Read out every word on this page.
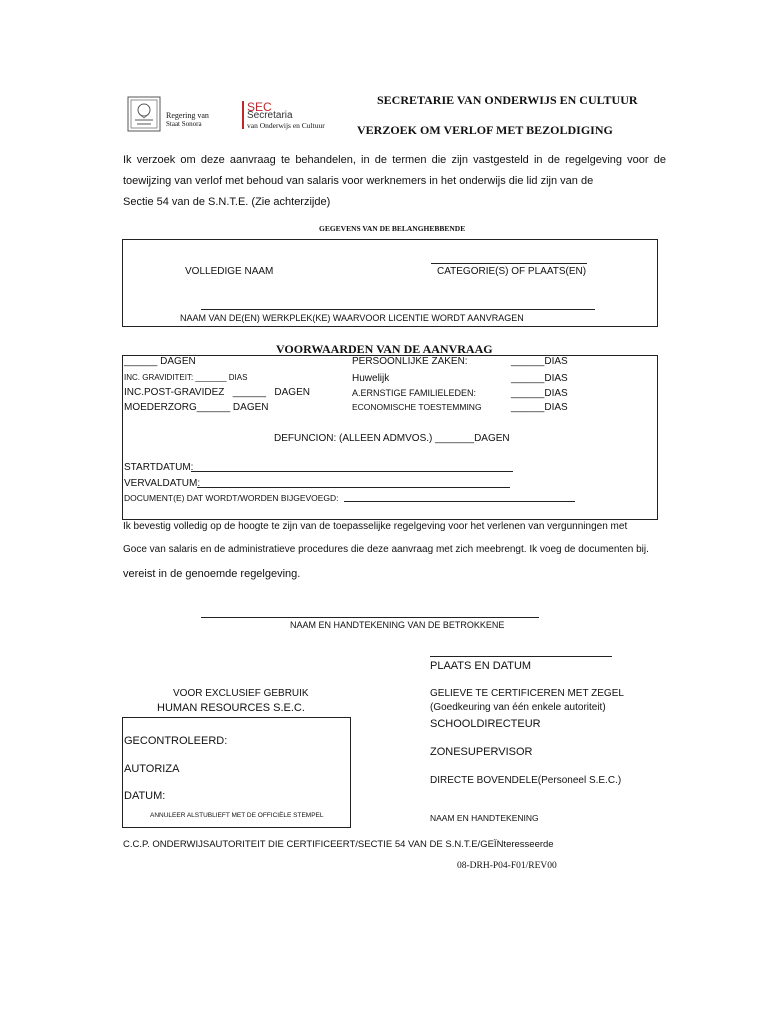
Regering van
Staat Sonora
SEC
Secretaria
van Onderwijs en Cultuur
SECRETARIE VAN ONDERWIJS EN CULTUUR
VERZOEK OM VERLOF MET BEZOLDIGING
Ik verzoek om deze aanvraag te behandelen, in de termen die zijn vastgesteld in de regelgeving voor de
toewijzing van verlof met behoud van salaris voor werknemers in het onderwijs die lid zijn van de
Sectie 54 van de S.N.T.E. (Zie achterzijde)
GEGEVENS VAN DE BELANGHEBBENDE
VOLLEDIGE NAAM	CATEGORIE(S) OF PLAATS(EN)
NAAM VAN DE(EN) WERKPLEK(KE) WAARVOOR LICENTIE WORDT AANVRAGEN
VOORWAARDEN VAN DE AANVRAAG
______ DAGEN	PERSOONLIJKE ZAKEN:	______DIAS
INC. GRAVIDITEIT: _______ DIAS	Huwelijk	______DIAS
INC.POST-GRAVIDEZ   ______   DAGEN	A.ERNSTIGE FAMILIELEDEN:	______DIAS
MOEDERZORG______ DAGEN	ECONOMISCHE TOESTEMMING	______DIAS
DEFUNCION: (ALLEEN ADMVOS.) _______DAGEN
STARTDATUM:
VERVALDATUM:
DOCUMENT(E) DAT WORDT/WORDEN BIJGEVOEGD:
Ik bevestig volledig op de hoogte te zijn van de toepasselijke regelgeving voor het verlenen van vergunningen met
Goce van salaris en de administratieve procedures die deze aanvraag met zich meebrengt. Ik voeg de documenten bij.
vereist in de genoemde regelgeving.
NAAM EN HANDTEKENING VAN DE BETROKKENE
PLAATS EN DATUM
VOOR EXCLUSIEF GEBRUIK
HUMAN RESOURCES S.E.C.
GECONTROLEERD:
AUTORIZA
DATUM:
ANNULEER ALSTUBLIEFT MET DE OFFICIËLE STEMPEL
GELIEVE TE CERTIFICEREN MET ZEGEL
(Goedkeuring van één enkele autoriteit)
SCHOOLDIRECTEUR
ZONESUPERVISOR
DIRECTE BOVENDELE(Personeel S.E.C.)
NAAM EN HANDTEKENING
C.C.P. ONDERWIJSAUTORITEIT DIE CERTIFICEERT/SECTIE 54 VAN DE S.N.T.E/GEÏNteresseerde
08-DRH-P04-F01/REV00
